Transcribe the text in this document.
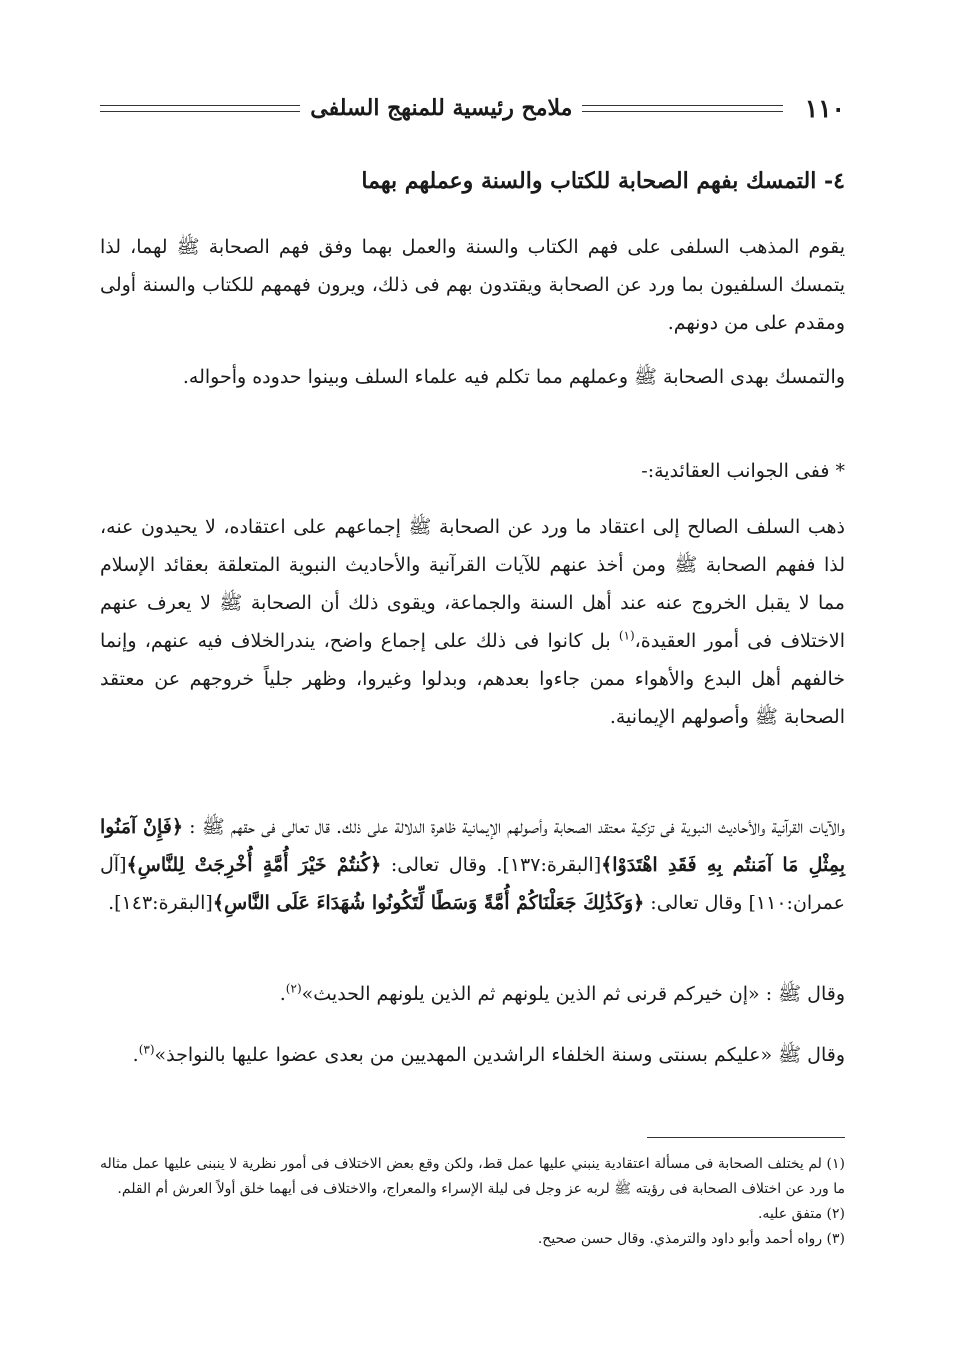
١١٠
ملامح رئيسية للمنهج السلفى
٤- التمسك بفهم الصحابة للكتاب والسنة وعملهم بهما

يقوم المذهب السلفى على فهم الكتاب والسنة والعمل بهما وفق فهم الصحابة ﷺ لهما، لذا يتمسك السلفيون بما ورد عن الصحابة ويقتدون بهم فى ذلك، ويرون فهمهم للكتاب والسنة أولى ومقدم على من دونهم.

والتمسك بهدى الصحابة ﷺ وعملهم مما تكلم فيه علماء السلف وبينوا حدوده وأحواله.

* ففى الجوانب العقائدية:-

ذهب السلف الصالح إلى اعتقاد ما ورد عن الصحابة ﷺ إجماعهم على اعتقاده، لا يحيدون عنه، لذا ففهم الصحابة ﷺ ومن أخذ عنهم للآيات القرآنية والأحاديث النبوية المتعلقة بعقائد الإسلام مما لا يقبل الخروج عنه عند أهل السنة والجماعة، ويقوى ذلك أن الصحابة ﷺ لا يعرف عنهم الاختلاف فى أمور العقيدة،$^{(١)}$ بل كانوا فى ذلك على إجماع واضح، يندرالخلاف فيه عنهم، وإنما خالفهم أهل البدع والأهواء ممن جاءوا بعدهم، وبدلوا وغيروا، وظهر جلياً خروجهم عن معتقد الصحابة ﷺ وأصولهم الإيمانية.

والآيات القرآنية والأحاديث النبوية فى تزكية معتقد الصحابة وأصولهم الإيمانية ظاهرة الدلالة على ذلك. قال تعالى فى حقهم ﷺ : ﴿فَإِنْ آمَنُوا بِمِثْلِ مَا آمَنتُم بِهِ فَقَدِ اهْتَدَوْا﴾[البقرة:١٣٧]. وقال تعالى: ﴿كُنتُمْ خَيْرَ أُمَّةٍ أُخْرِجَتْ لِلنَّاسِ﴾[آل عمران:١١٠] وقال تعالى: ﴿وَكَذَٰلِكَ جَعَلْنَاكُمْ أُمَّةً وَسَطًا لِّتَكُونُوا شُهَدَاءَ عَلَى النَّاسِ﴾[البقرة:١٤٣].

وقال ﷺ : «إن خيركم قرنى ثم الذين يلونهم ثم الذين يلونهم الحديث»$^{(٢)}$.

وقال ﷺ «عليكم بسنتى وسنة الخلفاء الراشدين المهديين من بعدى عضوا عليها بالنواجذ»$^{(٣)}$.

(١) لم يختلف الصحابة فى مسألة اعتقادية ينبني عليها عمل قط، ولكن وقع بعض الاختلاف فى أمور نظرية لا ينبنى عليها عمل مثاله ما ورد عن اختلاف الصحابة فى رؤيته ﷺ لربه عز وجل فى ليلة الإسراء والمعراج، والاختلاف فى أيهما خلق أولاً العرش أم القلم.
(٢) متفق عليه.
(٣) رواه أحمد وأبو داود والترمذي. وقال حسن صحيح.
